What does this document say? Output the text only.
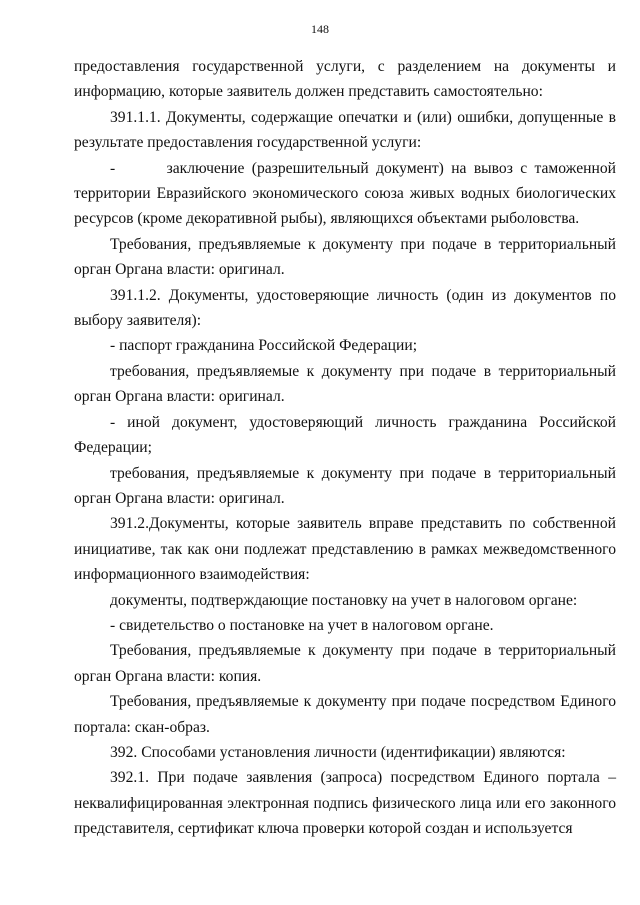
148

предоставления государственной услуги, с разделением на документы и информацию, которые заявитель должен представить самостоятельно:

391.1.1. Документы, содержащие опечатки и (или) ошибки, допущенные в результате предоставления государственной услуги:

-       заключение (разрешительный документ) на вывоз с таможенной территории Евразийского экономического союза живых водных биологических ресурсов (кроме декоративной рыбы), являющихся объектами рыболовства.

Требования, предъявляемые к документу при подаче в территориальный орган Органа власти: оригинал.

391.1.2. Документы, удостоверяющие личность (один из документов по выбору заявителя):

- паспорт гражданина Российской Федерации;

требования, предъявляемые к документу при подаче в территориальный орган Органа власти: оригинал.

- иной документ, удостоверяющий личность гражданина Российской Федерации;

требования, предъявляемые к документу при подаче в территориальный орган Органа власти: оригинал.

391.2.Документы, которые заявитель вправе представить по собственной инициативе, так как они подлежат представлению в рамках межведомственного информационного взаимодействия:

документы, подтверждающие постановку на учет в налоговом органе:

- свидетельство о постановке на учет в налоговом органе.

Требования, предъявляемые к документу при подаче в территориальный орган Органа власти: копия.

Требования, предъявляемые к документу при подаче посредством Единого портала: скан-образ.

392. Способами установления личности (идентификации) являются:

392.1. При подаче заявления (запроса) посредством Единого портала – неквалифицированная электронная подпись физического лица или его законного представителя, сертификат ключа проверки которой создан и используется
